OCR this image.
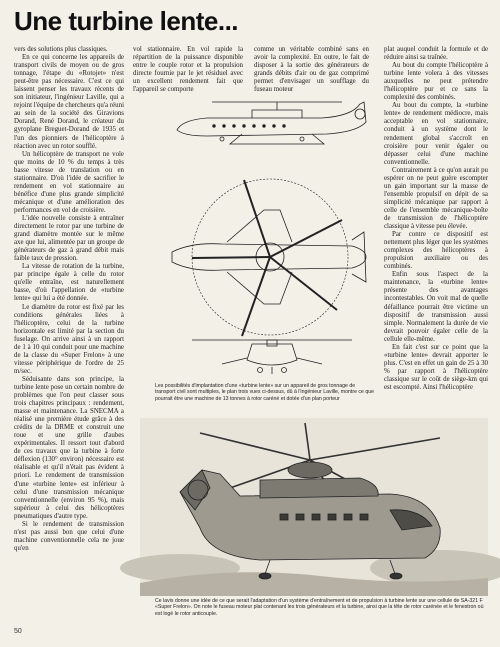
Une turbine lente...

vers des solutions plus classiques.

En ce qui concerne les appareils de transport civils de moyen ou de gros tonnage, l'étape du «Rotojet» n'est peut-être pas nécessaire. C'est ce qui laissent penser les travaux récents de son initiateur, l'ingénieur Laville, qui a rejoint l'équipe de chercheurs qu'a réuni au sein de la société des Giravions Dorand, René Dorand, le créateur du gyroplane Breguet-Dorand de 1935 et l'un des pionniers de l'hélicoptère à réaction avec un rotor soufflé.

Un hélicoptère de transport ne vole que moins de 10 % du temps à très basse vitesse de translation ou en stationnaire. D'où l'idée de sacrifier le rendement en vol stationnaire au bénéfice d'une plus grande simplicité mécanique et d'une amélioration des performances en vol de croisière.

L'idée nouvelle consiste à entraîner directement le rotor par une turbine de grand diamètre montée sur le même axe que lui, alimentée par un groupe de générateurs de gaz à grand débit mais faible taux de pression.

La vitesse de rotation de la turbine, par principe égale à celle du rotor qu'elle entraîne, est naturellement basse, d'où l'appellation de «turbine lente» qui lui a été donnée.

Le diamètre du rotor est fixé par les conditions générales liées à l'hélicoptère, celui de la turbine horizontale est limité par la section du fuselage. On arrive ainsi à un rapport de 1 à 10 qui conduit pour une machine de la classe du «Super Frelon» à une vitesse périphérique de l'ordre de 25 m/sec.

Séduisante dans son principe, la turbine lente pose un certain nombre de problèmes que l'on peut classer sous trois chapitres principaux : rendement, masse et maintenance. La SNECMA a réalisé une première étude grâce à des crédits de la DRME et construit une roue et une grille d'aubes expérimentales. Il ressort tout d'abord de ces travaux que la turbine à forte déflexion (130° environ) nécessaire est réalisable et qu'il n'était pas évident à priori. Le rendement de transmission d'une «turbine lente» est inférieur à celui d'une transmission mécanique conventionnelle (environ 95 %), mais supérieur à celui des hélicoptères pneumatiques d'autre type.

Si le rendement de transmission n'est pas aussi bon que celui d'une machine conventionnelle cela ne joue qu'en

vol stationnaire. En vol rapide la répartition de la puissance disponible entre le couple rotor et la propulsion directe fournie par le jet résiduel avec un excellent rendement fait que l'appareil se comporte

comme un véritable combiné sans en avoir la complexité. En outre, le fait de disposer à la sortie des générateurs de grands débits d'air ou de gaz comprimé permet d'envisager un soufflage du fuseau moteur

plat auquel conduit la formule et de réduire ainsi sa traînée.

Au bout du compte l'hélicoptère à turbine lente volera à des vitesses auxquelles ne peut prétendre l'hélicoptère pur et ce sans la complexité des combinés.

Au bout du compte, la «turbine lente» de rendement médiocre, mais acceptable en vol stationnaire, conduit à un système dont le rendement global s'accroît en croisière pour venir égaler ou dépasser celui d'une machine conventionnelle.

Contrairement à ce qu'on aurait pu espérer on ne peut guère escompter un gain important sur la masse de l'ensemble propulsif en dépit de sa simplicité mécanique par rapport à celle de l'ensemble mécanique-boîte de transmission de l'hélicoptère classique à vitesse peu élevée.

Par contre ce dispositif est nettement plus léger que les systèmes complexes des hélicoptères à propulsion auxiliaire ou des combinés.

Enfin sous l'aspect de la maintenance, la «turbine lente» présente des avantages incontestables. On voit mal de quelle défaillance pourrait être victime un dispositif de transmission aussi simple. Normalement la durée de vie devrait pouvoir égaler celle de la cellule elle-même.

En fait c'est sur ce point que la «turbine lente» devrait apporter le plus. C'est en effet un gain de 25 à 30 % par rapport à l'hélicoptère classique sur le coût de siège-km qui est escompté. Ainsi l'hélicoptère

Les possibilités d'implantation d'une «turbine lente» sur un appareil de gros tonnage de transport civil sont multiples, le plan trois vues ci-dessus, dû à l'ingénieur Laville, montre ce que pourrait être une machine de 13 tonnes à rotor caréné et dotée d'un plan porteur
Ce lavis donne une idée de ce que serait l'adaptation d'un système d'entraînement et de propulsion à turbine lente sur une cellule de SA-321 F «Super Frelon». On note le fuseau moteur plat contenant les trois générateurs et la turbine, ainsi que la tête de rotor carénée et le fenestron où est logé le rotor anticouple.
50
